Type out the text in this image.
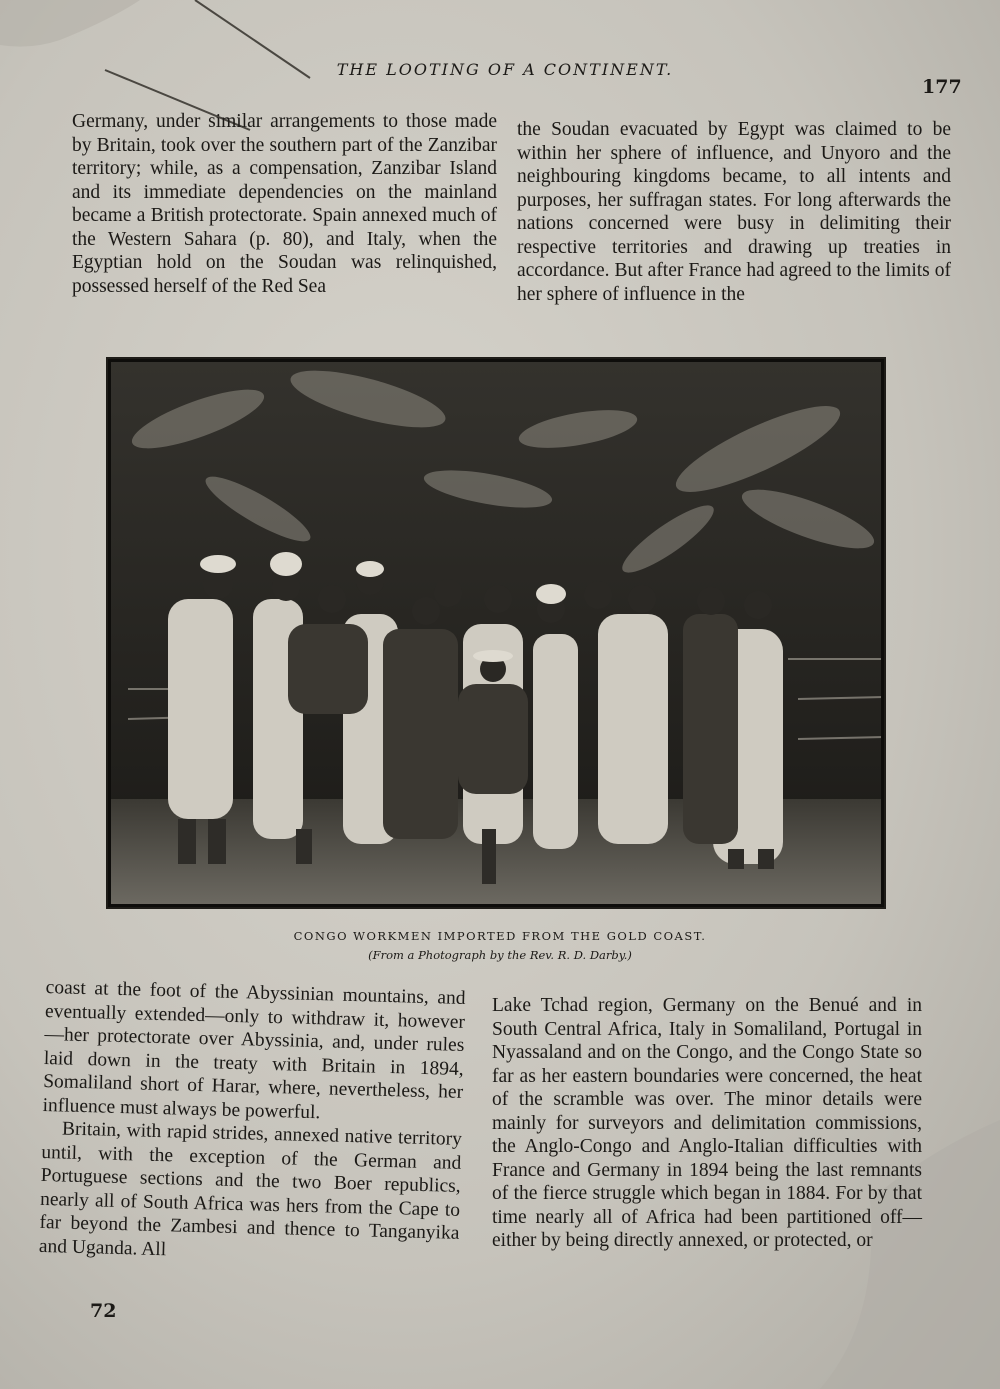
THE LOOTING OF A CONTINENT.
177

Germany, under similar arrangements to those made by Britain, took over the southern part of the Zanzibar territory; while, as a compensation, Zanzibar Island and its immediate dependencies on the mainland became a British protectorate. Spain annexed much of the Western Sahara (p. 80), and Italy, when the Egyptian hold on the Soudan was relinquished, possessed herself of the Red Sea

the Soudan evacuated by Egypt was claimed to be within her sphere of influence, and Unyoro and the neighbouring kingdoms became, to all intents and purposes, her suffragan states. For long afterwards the nations concerned were busy in delimiting their respective territories and drawing up treaties in accordance. But after France had agreed to the limits of her sphere of influence in the

CONGO WORKMEN IMPORTED FROM THE GOLD COAST.
(From a Photograph by the Rev. R. D. Darby.)

coast at the foot of the Abyssinian mountains, and eventually extended—only to withdraw it, however—her protectorate over Abyssinia, and, under rules laid down in the treaty with Britain in 1894, Somaliland short of Harar, where, nevertheless, her influence must always be powerful.

Britain, with rapid strides, annexed native territory until, with the exception of the German and Portuguese sections and the two Boer republics, nearly all of South Africa was hers from the Cape to far beyond the Zambesi and thence to Tanganyika and Uganda. All

Lake Tchad region, Germany on the Benué and in South Central Africa, Italy in Somaliland, Portugal in Nyassaland and on the Congo, and the Congo State so far as her eastern boundaries were concerned, the heat of the scramble was over. The minor details were mainly for surveyors and delimitation commissions, the Anglo-Congo and Anglo-Italian difficulties with France and Germany in 1894 being the last remnants of the fierce struggle which began in 1884. For by that time nearly all of Africa had been partitioned off—either by being directly annexed, or protected, or

72
